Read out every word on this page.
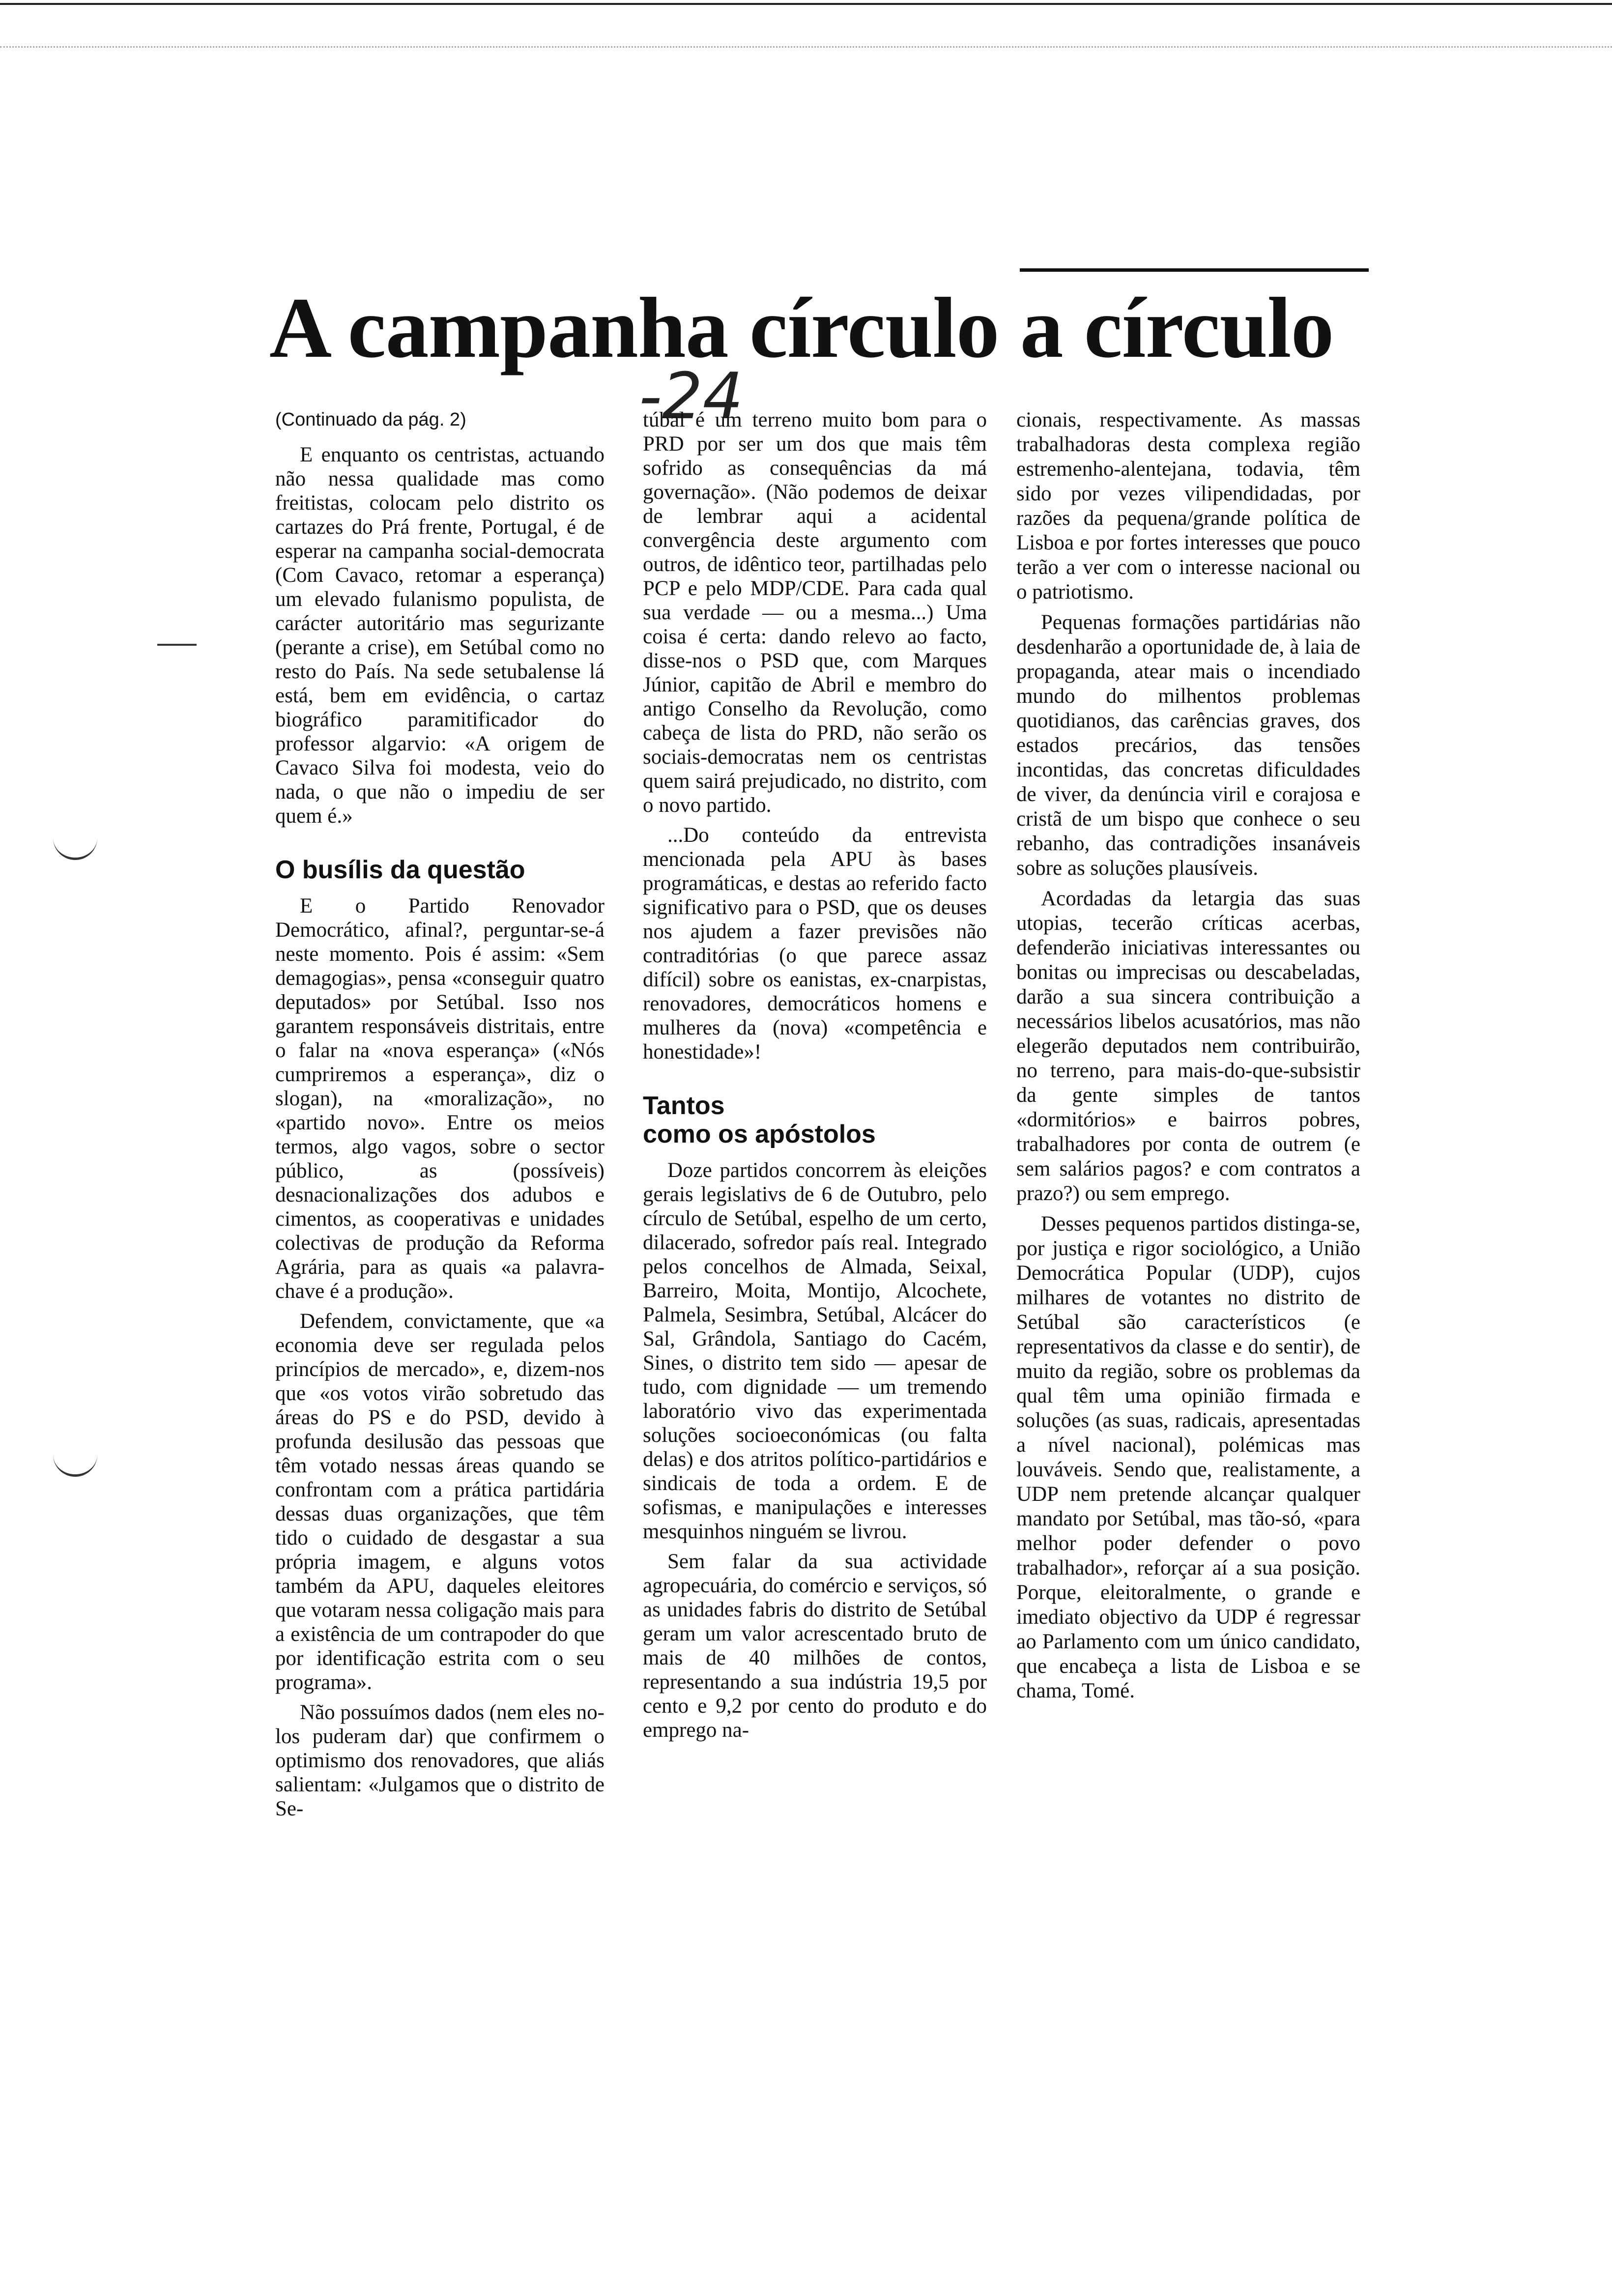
A campanha círculo a círculo
-24
(Continuado da pág. 2)

E enquanto os centristas, actuando não nessa qualidade mas como freitistas, colocam pelo distrito os cartazes do Prá frente, Portugal, é de esperar na campanha social-democrata (Com Cavaco, retomar a esperança) um elevado fulanismo populista, de carácter autoritário mas segurizante (perante a crise), em Setúbal como no resto do País. Na sede setubalense lá está, bem em evidência, o cartaz biográfico paramitificador do professor algarvio: «A origem de Cavaco Silva foi modesta, veio do nada, o que não o impediu de ser quem é.»

O busílis da questão

E o Partido Renovador Democrático, afinal?, perguntar-se-á neste momento. Pois é assim: «Sem demagogias», pensa «conseguir quatro deputados» por Setúbal. Isso nos garantem responsáveis distritais, entre o falar na «nova esperança» («Nós cumpriremos a esperança», diz o slogan), na «moralização», no «partido novo». Entre os meios termos, algo vagos, sobre o sector público, as (possíveis) desnacionalizações dos adubos e cimentos, as cooperativas e unidades colectivas de produção da Reforma Agrária, para as quais «a palavra-chave é a produção».

Defendem, convictamente, que «a economia deve ser regulada pelos princípios de mercado», e, dizem-nos que «os votos virão sobretudo das áreas do PS e do PSD, devido à profunda desilusão das pessoas que têm votado nessas áreas quando se confrontam com a prática partidária dessas duas organizações, que têm tido o cuidado de desgastar a sua própria imagem, e alguns votos também da APU, daqueles eleitores que votaram nessa coligação mais para a existência de um contrapoder do que por identificação estrita com o seu programa».

Não possuímos dados (nem eles no-los puderam dar) que confirmem o optimismo dos renovadores, que aliás salientam: «Julgamos que o distrito de Se-

túbal é um terreno muito bom para o PRD por ser um dos que mais têm sofrido as consequências da má governação». (Não podemos de deixar de lembrar aqui a acidental convergência deste argumento com outros, de idêntico teor, partilhadas pelo PCP e pelo MDP/CDE. Para cada qual sua verdade — ou a mesma...) Uma coisa é certa: dando relevo ao facto, disse-nos o PSD que, com Marques Júnior, capitão de Abril e membro do antigo Conselho da Revolução, como cabeça de lista do PRD, não serão os sociais-democratas nem os centristas quem sairá prejudicado, no distrito, com o novo partido.

...Do conteúdo da entrevista mencionada pela APU às bases programáticas, e destas ao referido facto significativo para o PSD, que os deuses nos ajudem a fazer previsões não contraditórias (o que parece assaz difícil) sobre os eanistas, ex-cnarpistas, renovadores, democráticos homens e mulheres da (nova) «competência e honestidade»!

Tantos
como os apóstolos

Doze partidos concorrem às eleições gerais legislativs de 6 de Outubro, pelo círculo de Setúbal, espelho de um certo, dilacerado, sofredor país real. Integrado pelos concelhos de Almada, Seixal, Barreiro, Moita, Montijo, Alcochete, Palmela, Sesimbra, Setúbal, Alcácer do Sal, Grândola, Santiago do Cacém, Sines, o distrito tem sido — apesar de tudo, com dignidade — um tremendo laboratório vivo das experimentada soluções socioeconómicas (ou falta delas) e dos atritos político-partidários e sindicais de toda a ordem. E de sofismas, e manipulações e interesses mesquinhos ninguém se livrou.

Sem falar da sua actividade agropecuária, do comércio e serviços, só as unidades fabris do distrito de Setúbal geram um valor acrescentado bruto de mais de 40 milhões de contos, representando a sua indústria 19,5 por cento e 9,2 por cento do produto e do emprego na-

cionais, respectivamente. As massas trabalhadoras desta complexa região estremenho-alentejana, todavia, têm sido por vezes vilipendidadas, por razões da pequena/grande política de Lisboa e por fortes interesses que pouco terão a ver com o interesse nacional ou o patriotismo.

Pequenas formações partidárias não desdenharão a oportunidade de, à laia de propaganda, atear mais o incendiado mundo do milhentos problemas quotidianos, das carências graves, dos estados precários, das tensões incontidas, das concretas dificuldades de viver, da denúncia viril e corajosa e cristã de um bispo que conhece o seu rebanho, das contradições insanáveis sobre as soluções plausíveis.

Acordadas da letargia das suas utopias, tecerão críticas acerbas, defenderão iniciativas interessantes ou bonitas ou imprecisas ou descabeladas, darão a sua sincera contribuição a necessários libelos acusatórios, mas não elegerão deputados nem contribuirão, no terreno, para mais-do-que-subsistir da gente simples de tantos «dormitórios» e bairros pobres, trabalhadores por conta de outrem (e sem salários pagos? e com contratos a prazo?) ou sem emprego.

Desses pequenos partidos distinga-se, por justiça e rigor sociológico, a União Democrática Popular (UDP), cujos milhares de votantes no distrito de Setúbal são característicos (e representativos da classe e do sentir), de muito da região, sobre os problemas da qual têm uma opinião firmada e soluções (as suas, radicais, apresentadas a nível nacional), polémicas mas louváveis. Sendo que, realistamente, a UDP nem pretende alcançar qualquer mandato por Setúbal, mas tão-só, «para melhor poder defender o povo trabalhador», reforçar aí a sua posição. Porque, eleitoralmente, o grande e imediato objectivo da UDP é regressar ao Parlamento com um único candidato, que encabeça a lista de Lisboa e se chama, Tomé.
